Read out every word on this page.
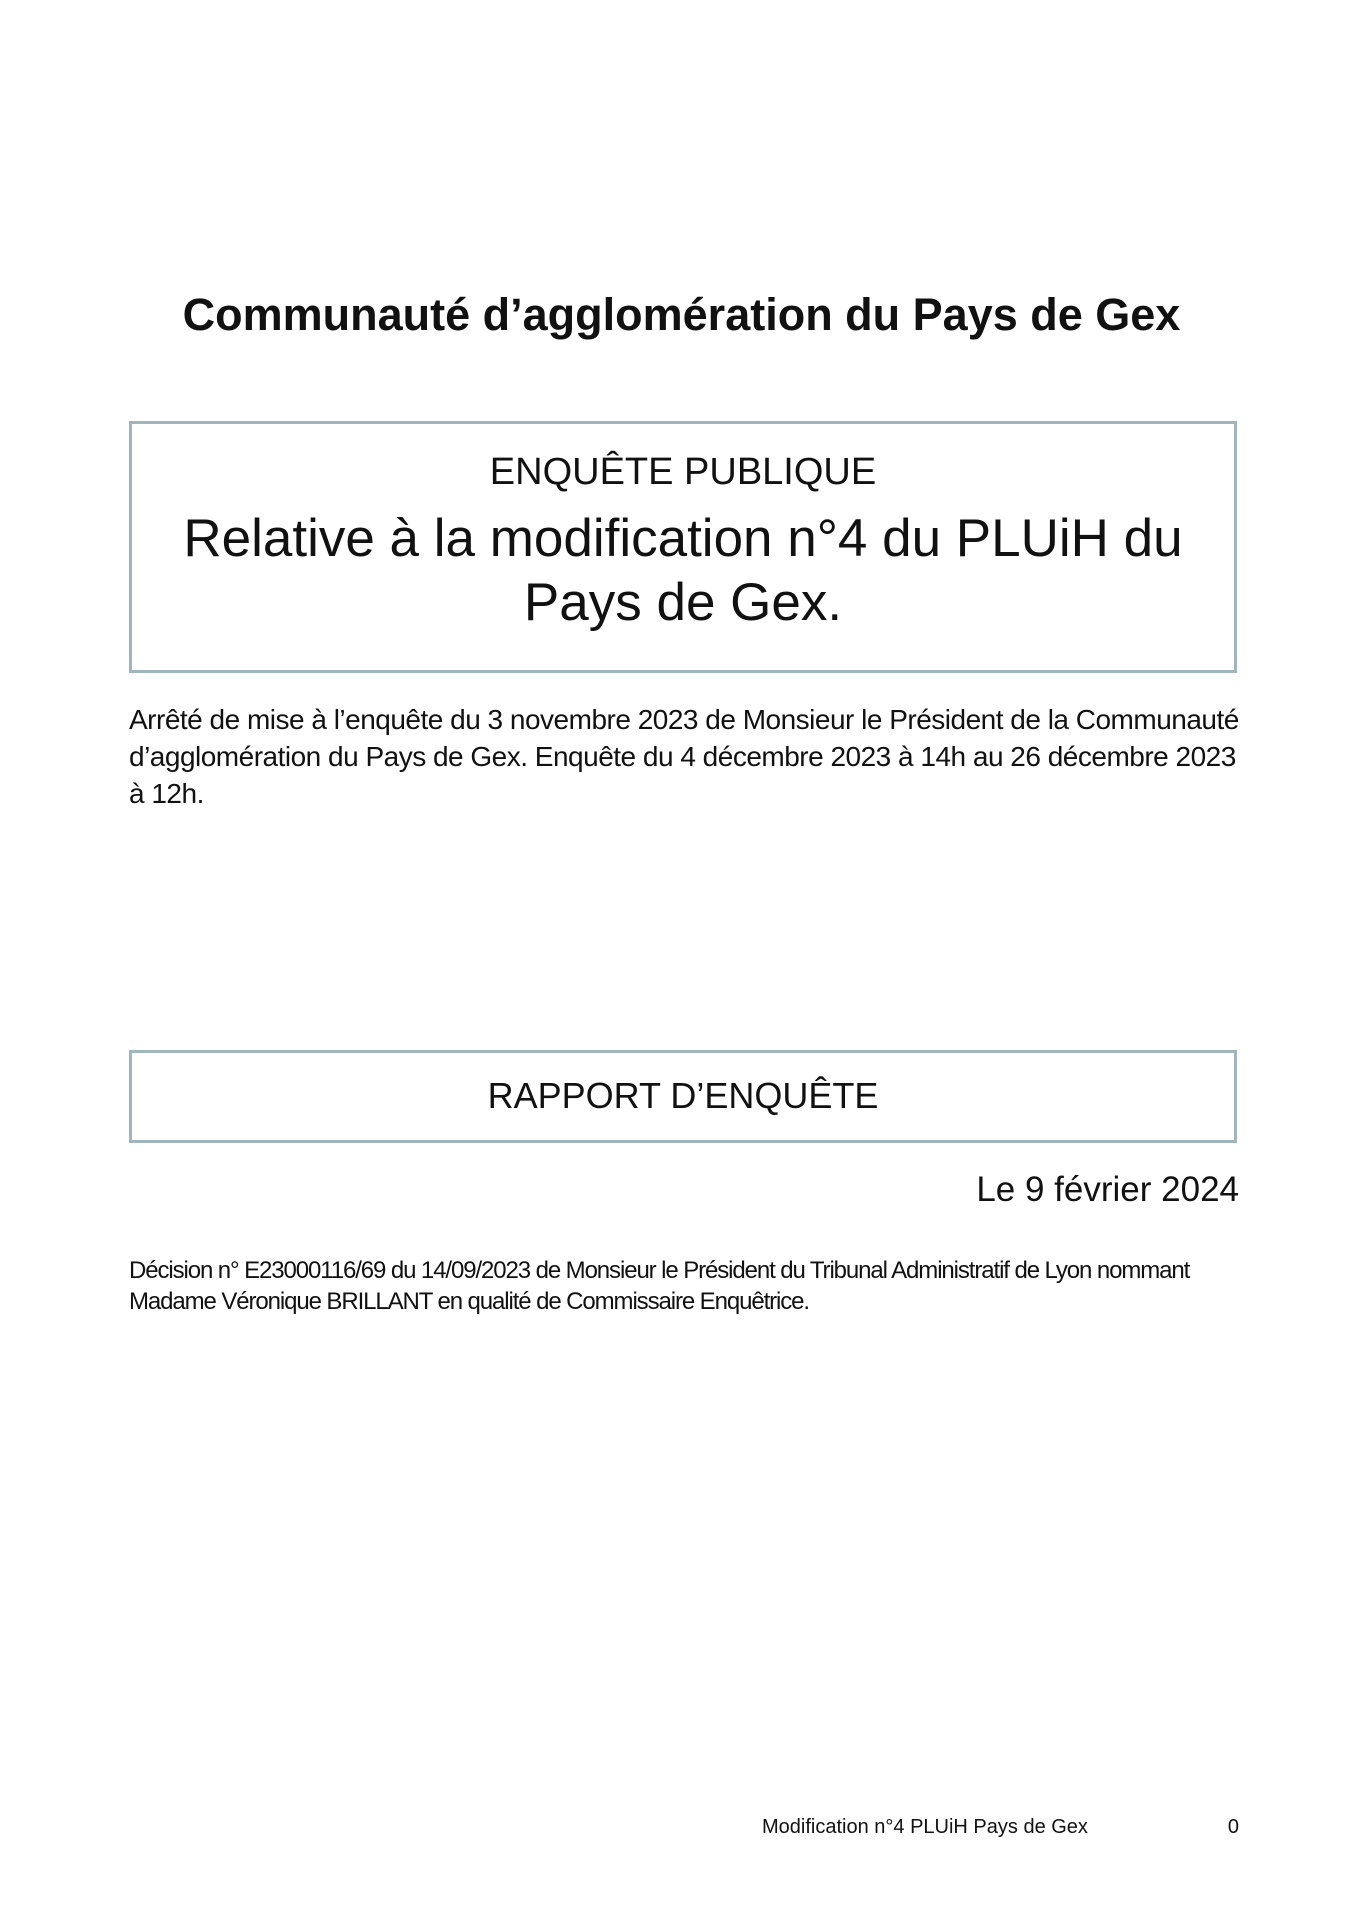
Communauté d’agglomération du Pays de Gex
ENQUÊTE PUBLIQUE
Relative à la modification n°4 du PLUiH du Pays de Gex.
Arrêté de mise à l’enquête du 3 novembre 2023 de Monsieur le Président de la Communauté d’agglomération du Pays de Gex. Enquête du 4 décembre 2023 à 14h au 26 décembre 2023 à 12h.
RAPPORT D’ENQUÊTE
Le 9 février 2024
Décision n° E23000116/69 du 14/09/2023 de Monsieur le Président du Tribunal Administratif de Lyon nommant Madame Véronique BRILLANT en qualité de Commissaire Enquêtrice.
Modification n°4 PLUiH Pays de Gex	0
